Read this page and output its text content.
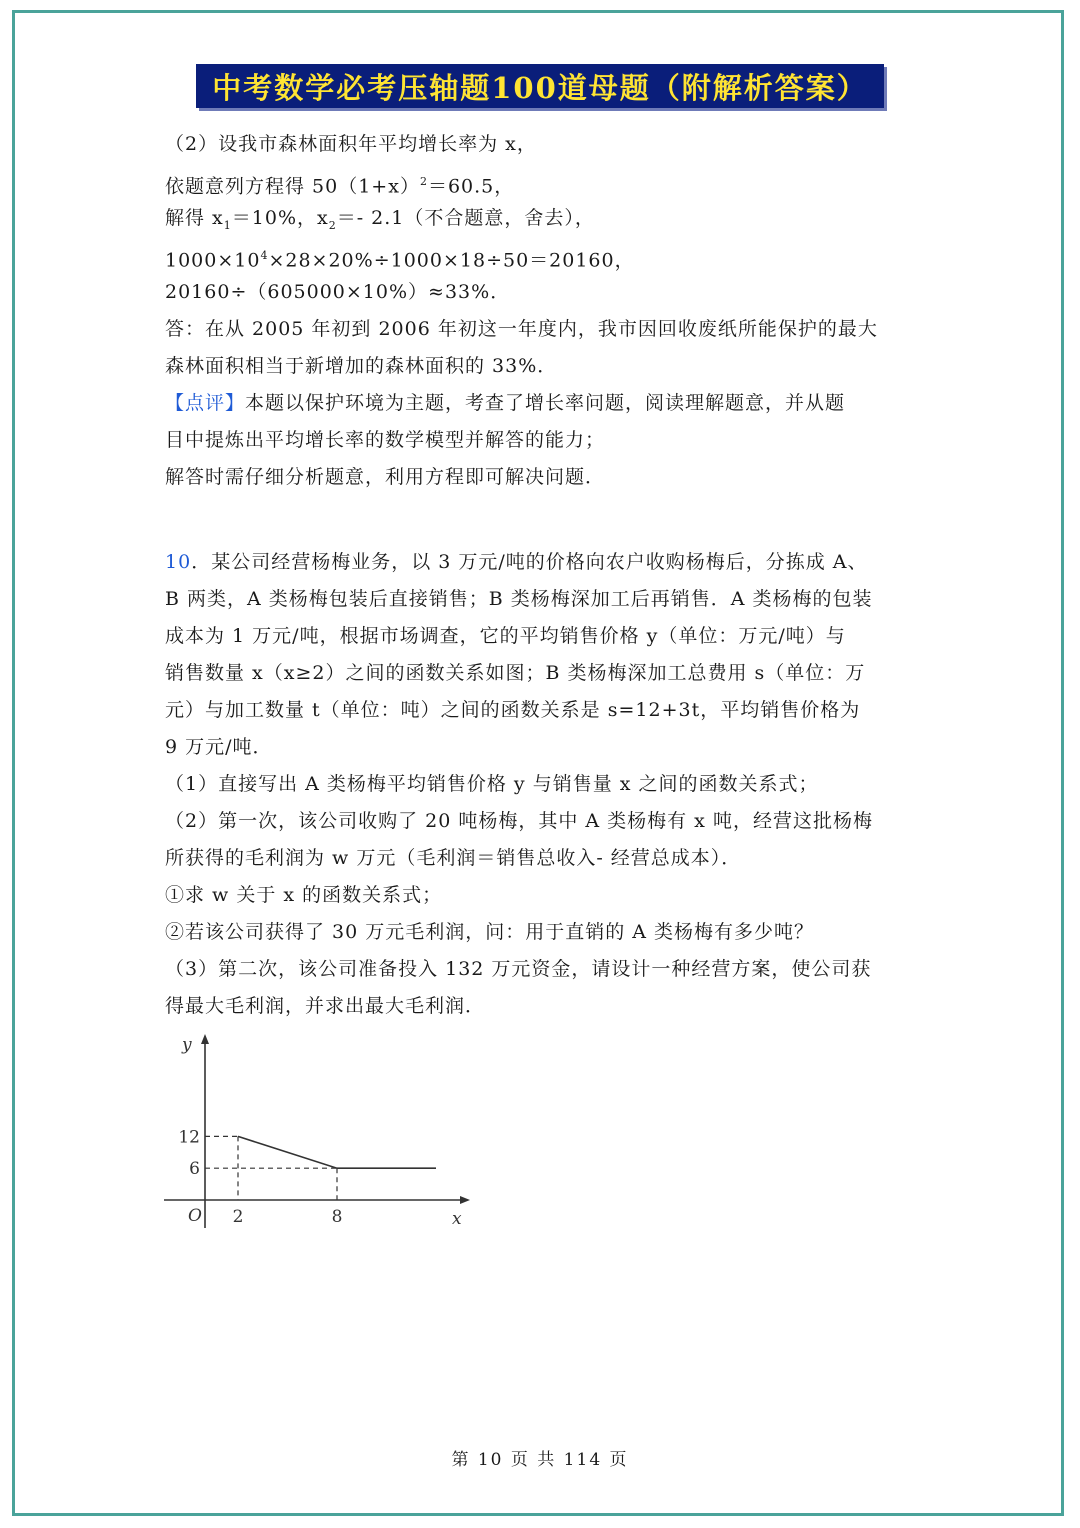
中考数学必考压轴题100道母题（附解析答案）
（2）设我市森林面积年平均增长率为 x，
依题意列方程得 $50(1+x)^2=60.5$，
解得 $x_1=10\%$，$x_2=-$ 2.1（不合题意，舍去），
$1000\times 10^4\times 28\times 20\%\div 1000\times 18\div 50=20160$，
20160÷（605000×10%）≈33%．
答：在从 2005 年初到 2006 年初这一年度内，我市因回收废纸所能保护的最大
森林面积相当于新增加的森林面积的 33%．
【点评】本题以保护环境为主题，考查了增长率问题，阅读理解题意，并从题
目中提炼出平均增长率的数学模型并解答的能力；
解答时需仔细分析题意，利用方程即可解决问题．
10．某公司经营杨梅业务，以 3 万元/吨的价格向农户收购杨梅后，分拣成 A、
B 两类，A 类杨梅包装后直接销售；B 类杨梅深加工后再销售．A 类杨梅的包装
成本为 1 万元/吨，根据市场调查，它的平均销售价格 y（单位：万元/吨）与
销售数量 x（x≥2）之间的函数关系如图；B 类杨梅深加工总费用 s（单位：万
元）与加工数量 t（单位：吨）之间的函数关系是 s=12+3t，平均销售价格为
9 万元/吨．
（1）直接写出 A 类杨梅平均销售价格 y 与销售量 x 之间的函数关系式；
（2）第一次，该公司收购了 20 吨杨梅，其中 A 类杨梅有 x 吨，经营这批杨梅
所获得的毛利润为 w 万元（毛利润＝销售总收入- 经营总成本）．
①求 w 关于 x 的函数关系式；
②若该公司获得了 30 万元毛利润，问：用于直销的 A 类杨梅有多少吨？
（3）第二次，该公司准备投入 132 万元资金，请设计一种经营方案，使公司获
得最大毛利润，并求出最大毛利润．
y
x
O 2	8
12
6
第 10 页 共 114 页
